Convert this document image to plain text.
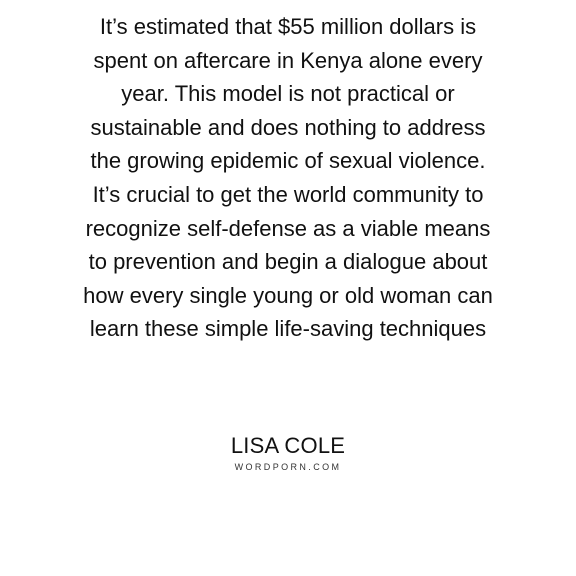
It’s estimated that $55 million dollars is
spent on aftercare in Kenya alone every
year. This model is not practical or
sustainable and does nothing to address
the growing epidemic of sexual violence.
It’s crucial to get the world community to
recognize self-defense as a viable means
to prevention and begin a dialogue about
how every single young or old woman can
learn these simple life-saving techniques

LISA COLE
WORDPORN.COM
